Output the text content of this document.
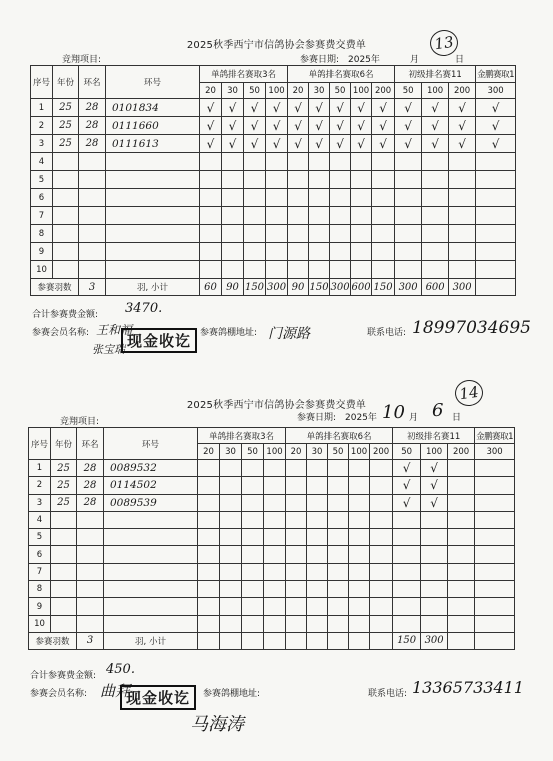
2025秋季西宁市信鸽协会参赛费交费单	13
竞翔项目:	参赛日期: 2025年	月	日
序号	年份	环名	环号	单鸽排名赛取3名				单鸽排名赛取6名					初级排名赛11			金鹏赛取1	
				20	30	50	100	20	30	50	100	200	50	100	200	300	
1	25	28	0101834	√	√	√	√	√	√	√	√	√	√	√	√	√	
2	25	28	0111660	√	√	√	√	√	√	√	√	√	√	√	√	√	
3	25	28	0111613	√	√	√	√	√	√	√	√	√	√	√	√	√	
4																	
5																	
6																	
7																	
8																	
9																	
10																	
参赛羽数		3	羽, 小计	60	90	150	300	90	150	300	600	150	300	600	300		
合计参赛费金额: 3470.
参赛会员名称: 王和福
张宝瑞 现金收讫 参赛鸽棚地址: 门源路	联系电话: 18997034695
2025秋季西宁市信鸽协会参赛费交费单
14
竞翔项目:	参赛日期: 2025年 10 月 6 日
序号	年份	环名	环号	单鸽排名赛取3名				单鸽排名赛取6名					初级排名赛11			金鹏赛取1	
				20	30	50	100	20	30	50	100	200	50	100	200	300	
1	25	28	0089532										√	√			
2	25	28	0114502										√	√			
3	25	28	0089539										√	√			
4																	
5																	
6																	
7																	
8																	
9																	
10																	
参赛羽数		3	羽, 小计										150	300			
合计参赛费金额: 450.
参赛会员名称: 曲拜
马海涛
现金收讫	参赛鸽棚地址:	联系电话: 13365733411
